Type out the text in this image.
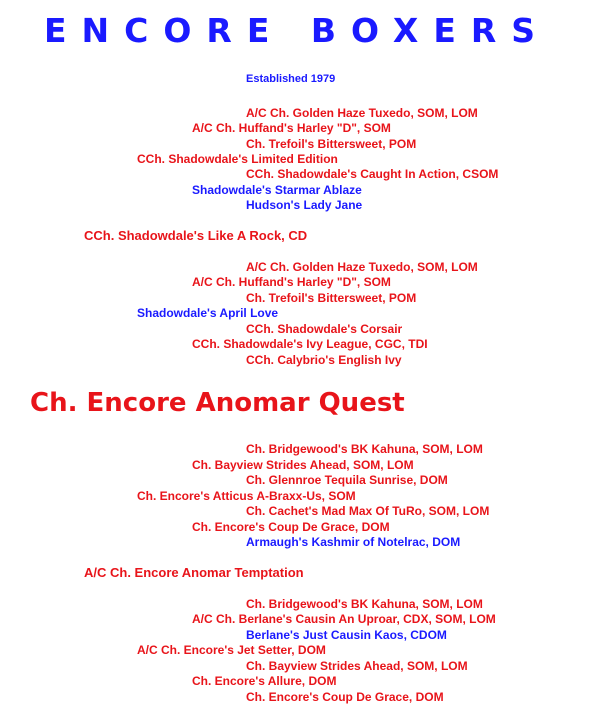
ENCORE BOXERS
Established 1979
A/C Ch. Golden Haze Tuxedo, SOM, LOM
A/C Ch. Huffand's Harley "D", SOM
Ch. Trefoil's Bittersweet, POM
CCh. Shadowdale's Limited Edition
CCh. Shadowdale's Caught In Action, CSOM
Shadowdale's Starmar Ablaze
Hudson's Lady Jane
CCh. Shadowdale's Like A Rock, CD
A/C Ch. Golden Haze Tuxedo, SOM, LOM
A/C Ch. Huffand's Harley "D", SOM
Ch. Trefoil's Bittersweet, POM
Shadowdale's April Love
CCh. Shadowdale's Corsair
CCh. Shadowdale's Ivy League, CGC, TDI
CCh. Calybrio's English Ivy
Ch. Encore Anomar Quest
Ch. Bridgewood's BK Kahuna, SOM, LOM
Ch. Bayview Strides Ahead, SOM, LOM
Ch. Glennroe Tequila Sunrise, DOM
Ch. Encore's Atticus A-Braxx-Us, SOM
Ch. Cachet's Mad Max Of TuRo, SOM, LOM
Ch. Encore's Coup De Grace, DOM
Armaugh's Kashmir of Notelrac, DOM
A/C Ch. Encore Anomar Temptation
Ch. Bridgewood's BK Kahuna, SOM, LOM
A/C Ch. Berlane's Causin An Uproar, CDX, SOM, LOM
Berlane's Just Causin Kaos, CDOM
A/C Ch. Encore's Jet Setter, DOM
Ch. Bayview Strides Ahead, SOM, LOM
Ch. Encore's Allure, DOM
Ch. Encore's Coup De Grace, DOM
